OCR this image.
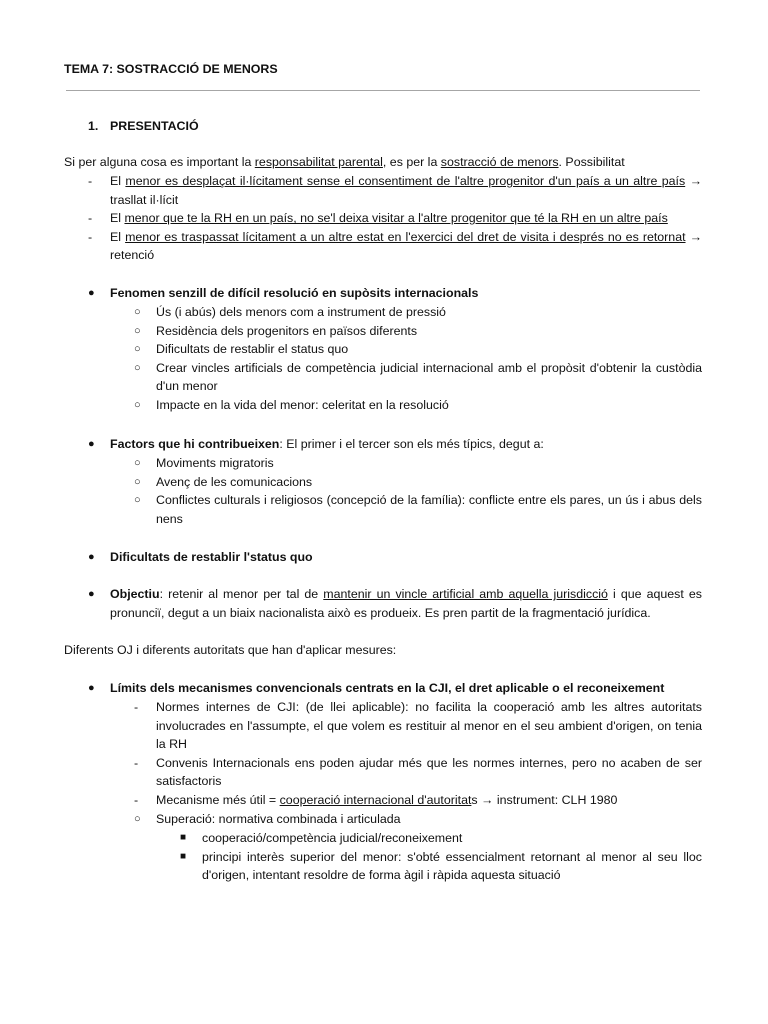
TEMA 7: SOSTRACCIÓ DE MENORS
1. PRESENTACIÓ
Si per alguna cosa es important la responsabilitat parental, es per la sostracció de menors. Possibilitat
- El menor es desplaçat il·lícitament sense el consentiment de l'altre progenitor d'un país a un altre país → trasllat il·lícit
- El menor que te la RH en un país, no se'l deixa visitar a l'altre progenitor que té la RH en un altre país
- El menor es traspassat lícitament a un altre estat en l'exercici del dret de visita i després no es retornat → retenció
● Fenomen senzill de difícil resolució en supòsits internacionals
○ Ús (i abús) dels menors com a instrument de pressió
○ Residència dels progenitors en països diferents
○ Dificultats de restablir el status quo
○ Crear vincles artificials de competència judicial internacional amb el propòsit d'obtenir la custòdia d'un menor
○ Impacte en la vida del menor: celeritat en la resolució
● Factors que hi contribueixen: El primer i el tercer son els més típics, degut a:
○ Moviments migratoris
○ Avenç de les comunicacions
○ Conflictes culturals i religiosos (concepció de la família): conflicte entre els pares, un ús i abus dels nens
● Dificultats de restablir l'status quo
● Objectiu: retenir al menor per tal de mantenir un vincle artificial amb aquella jurisdicció i que aquest es pronunciï, degut a un biaix nacionalista això es produeix. Es pren partit de la fragmentació jurídica.
Diferents OJ i diferents autoritats que han d'aplicar mesures:
● Límits dels mecanismes convencionals centrats en la CJI, el dret aplicable o el reconeixement
- Normes internes de CJI: (de llei aplicable): no facilita la cooperació amb les altres autoritats involucrades en l'assumpte, el que volem es restituir al menor en el seu ambient d'origen, on tenia la RH
- Convenis Internacionals ens poden ajudar més que les normes internes, pero no acaben de ser satisfactoris
- Mecanisme més útil = cooperació internacional d'autoritats → instrument: CLH 1980
○ Superació: normativa combinada i articulada
■ cooperació/competència judicial/reconeixement
■ principi interès superior del menor: s'obté essencialment retornant al menor al seu lloc d'origen, intentant resoldre de forma àgil i ràpida aquesta situació
